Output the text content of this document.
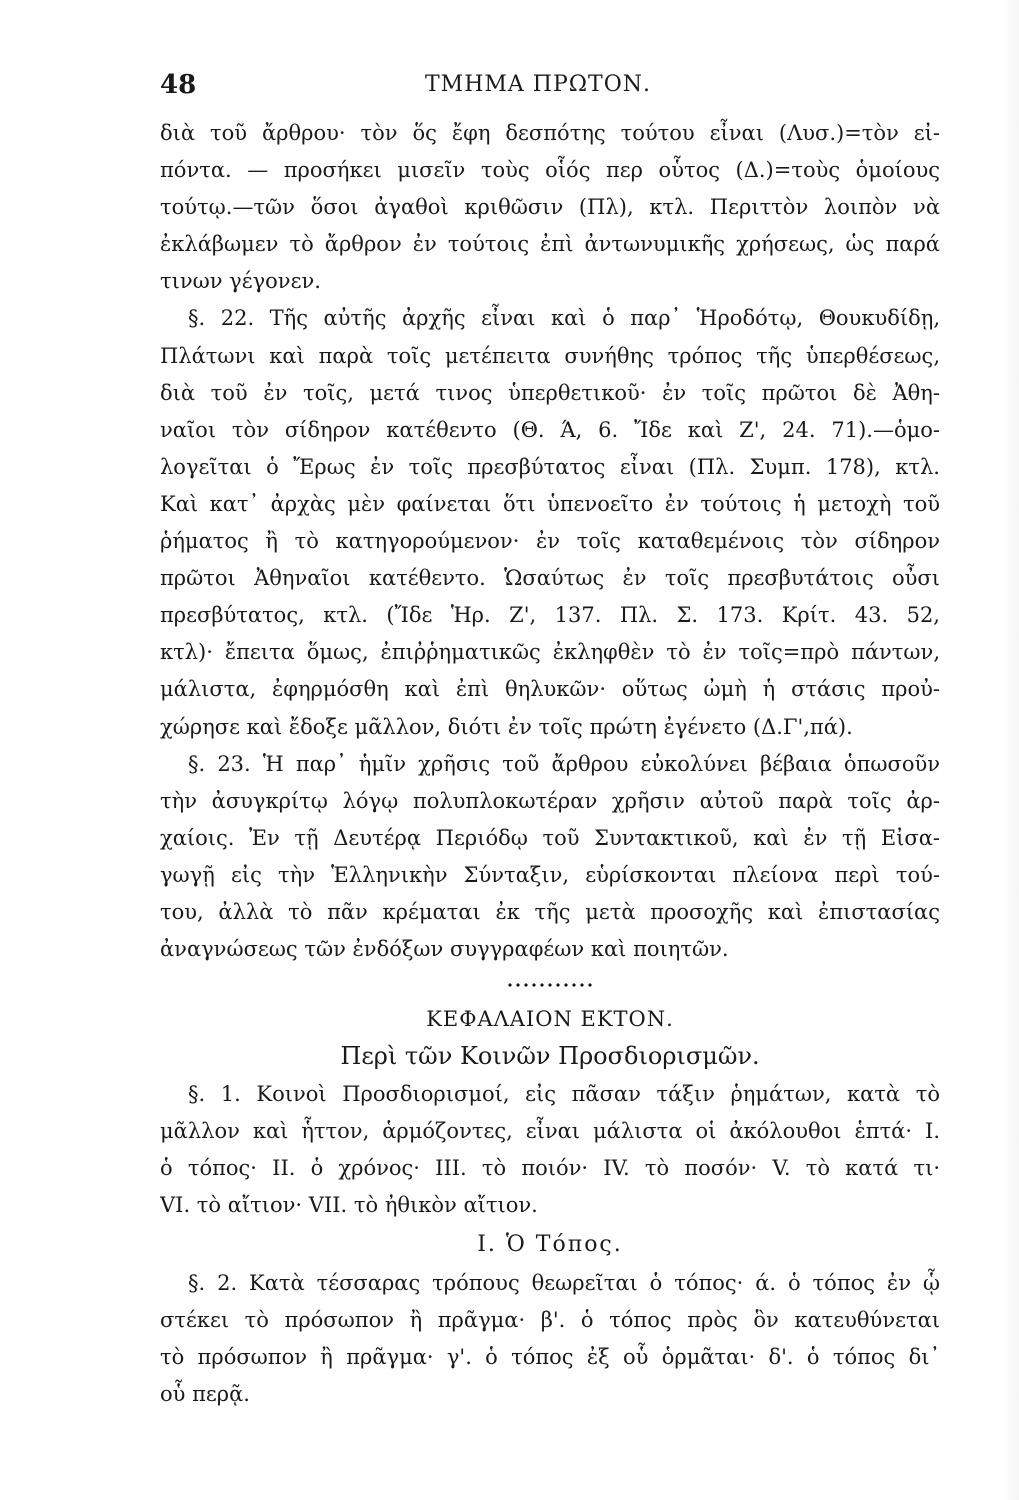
48	ΤΜΗΜΑ ΠΡΩΤΟΝ.
διὰ τοῦ ἄρθρου· τὸν ὅς ἔφη δεσπότης τούτου εἶναι (Λυσ.)=τὸν εἰ-
πόντα. — προσήκει μισεῖν τοὺς οἷός περ οὗτος (Δ.)=τοὺς ὁμοίους
τούτῳ.—τῶν ὅσοι ἀγαθοὶ κριθῶσιν (Πλ), κτλ. Περιττὸν λοιπὸν νὰ
ἐκλάβωμεν τὸ ἄρθρον ἐν τούτοις ἐπὶ ἀντωνυμικῆς χρήσεως, ὡς παρά
τινων γέγονεν.
§. 22. Τῆς αὐτῆς ἀρχῆς εἶναι καὶ ὁ παρ᾿ Ἡροδότῳ, Θουκυδίδῃ,
Πλάτωνι καὶ παρὰ τοῖς μετέπειτα συνήθης τρόπος τῆς ὑπερθέσεως,
διὰ τοῦ ἐν τοῖς, μετά τινος ὑπερθετικοῦ· ἐν τοῖς πρῶτοι δὲ Ἀθη-
ναῖοι τὸν σίδηρον κατέθεντο (Θ. Ά, 6. Ἴδε καὶ Ζ', 24. 71).—ὁμο-
λογεῖται ὁ Ἔρως ἐν τοῖς πρεσβύτατος εἶναι (Πλ. Συμπ. 178), κτλ.
Καὶ κατ᾿ ἀρχὰς μὲν φαίνεται ὅτι ὑπενοεῖτο ἐν τούτοις ἡ μετοχὴ τοῦ
ῥήματος ἢ τὸ κατηγορούμενον· ἐν τοῖς καταθεμένοις τὸν σίδηρον
πρῶτοι Ἀθηναῖοι κατέθεντο. Ὡσαύτως ἐν τοῖς πρεσβυτάτοις οὖσι
πρεσβύτατος, κτλ. (Ἴδε Ἡρ. Ζ', 137. Πλ. Σ. 173. Κρίτ. 43. 52,
κτλ)· ἔπειτα ὅμως, ἐπιῤῥηματικῶς ἐκληφθὲν τὸ ἐν τοῖς=πρὸ πάντων,
μάλιστα, ἐφηρμόσθη καὶ ἐπὶ θηλυκῶν· οὕτως ὠμὴ ἡ στάσις προὐ-
χώρησε καὶ ἔδοξε μᾶλλον, διότι ἐν τοῖς πρώτη ἐγένετο (Δ.Γ',πά).
§. 23. Ἡ παρ᾿ ἡμῖν χρῆσις τοῦ ἄρθρου εὐκολύνει βέβαια ὁπωσοῦν
τὴν ἀσυγκρίτῳ λόγῳ πολυπλοκωτέραν χρῆσιν αὐτοῦ παρὰ τοῖς ἀρ-
χαίοις. Ἐν τῇ Δευτέρᾳ Περιόδῳ τοῦ Συντακτικοῦ, καὶ ἐν τῇ Εἰσα-
γωγῇ εἰς τὴν Ἑλληνικὴν Σύνταξιν, εὑρίσκονται πλείονα περὶ τού-
του, ἀλλὰ τὸ πᾶν κρέμαται ἐκ τῆς μετὰ προσοχῆς καὶ ἐπιστασίας
ἀναγνώσεως τῶν ἐνδόξων συγγραφέων καὶ ποιητῶν.
ΚΕΦΑΛΑΙΟΝ ΕΚΤΟΝ.
Περὶ τῶν Κοινῶν Προσδιορισμῶν.
§. 1. Κοινοὶ Προσδιορισμοί, εἰς πᾶσαν τάξιν ῥημάτων, κατὰ τὸ
μᾶλλον καὶ ἧττον, ἁρμόζοντες, εἶναι μάλιστα οἱ ἀκόλουθοι ἑπτά· Ι.
ὁ τόπος· ΙΙ. ὁ χρόνος· ΙΙΙ. τὸ ποιόν· ΙV. τὸ ποσόν· V. τὸ κατά τι·
VΙ. τὸ αἴτιον· VΙΙ. τὸ ἠθικὸν αἴτιον.
Ι. Ὁ Τόπος.
§. 2. Κατὰ τέσσαρας τρόπους θεωρεῖται ὁ τόπος· ά. ὁ τόπος ἐν ᾧ
στέκει τὸ πρόσωπον ἢ πρᾶγμα· β'. ὁ τόπος πρὸς ὃν κατευθύνεται
τὸ πρόσωπον ἢ πρᾶγμα· γ'. ὁ τόπος ἐξ οὗ ὁρμᾶται· δ'. ὁ τόπος δι᾿
οὗ περᾷ.
